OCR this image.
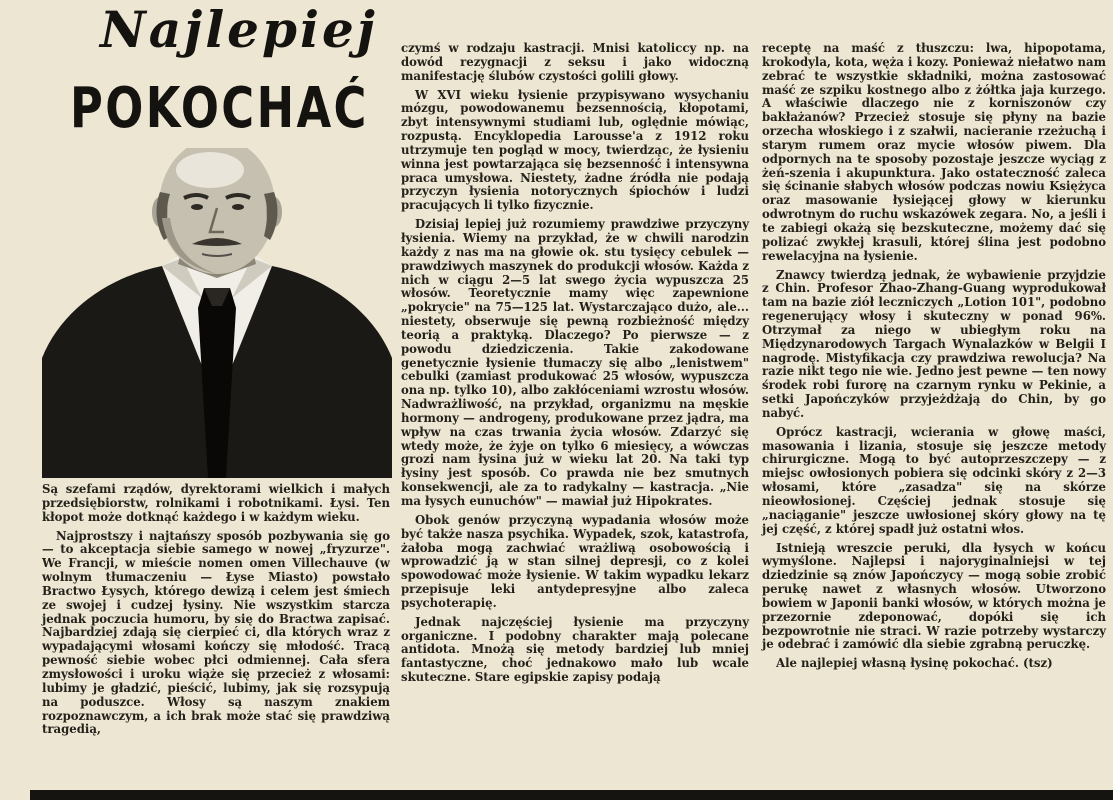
Najlepiej
POKOCHAĆ

Są szefami rządów, dyrektorami wielkich i małych przedsiębiorstw, rolnikami i robotnikami. Łysi. Ten kłopot może dotknąć każdego i w każdym wieku.

Najprostszy i najtańszy sposób pozbywania się go — to akceptacja siebie samego w nowej „fryzurze". We Francji, w mieście nomen omen Villechauve (w wolnym tłumaczeniu — Łyse Miasto) powstało Bractwo Łysych, którego dewizą i celem jest śmiech ze swojej i cudzej łysiny. Nie wszystkim starcza jednak poczucia humoru, by się do Bractwa zapisać. Najbardziej zdają się cierpieć ci, dla których wraz z wypadającymi włosami kończy się młodość. Tracą pewność siebie wobec płci odmiennej. Cała sfera zmysłowości i uroku wiąże się przecież z włosami: lubimy je gładzić, pieścić, lubimy, jak się rozsypują na poduszce. Włosy są naszym znakiem rozpoznawczym, a ich brak może stać się prawdziwą tragedią,

czymś w rodzaju kastracji. Mnisi katoliccy np. na dowód rezygnacji z seksu i jako widoczną manifestację ślubów czystości golili głowy.

W XVI wieku łysienie przypisywano wysychaniu mózgu, powodowanemu bezsennością, kłopotami, zbyt intensywnymi studiami lub, oględnie mówiąc, rozpustą. Encyklopedia Larousse'a z 1912 roku utrzymuje ten pogląd w mocy, twierdząc, że łysieniu winna jest powtarzająca się bezsenność i intensywna praca umysłowa. Niestety, żadne źródła nie podają przyczyn łysienia notorycznych śpiochów i ludzi pracujących li tylko fizycznie.

Dzisiaj lepiej już rozumiemy prawdziwe przyczyny łysienia. Wiemy na przykład, że w chwili narodzin każdy z nas ma na głowie ok. stu tysięcy cebulek — prawdziwych maszynek do produkcji włosów. Każda z nich w ciągu 2—5 lat swego życia wypuszcza 25 włosów. Teoretycznie mamy więc zapewnione „pokrycie" na 75—125 lat. Wystarczająco dużo, ale... niestety, obserwuje się pewną rozbieżność między teorią a praktyką. Dlaczego? Po pierwsze — z powodu dziedziczenia. Takie zakodowane genetycznie łysienie tłumaczy się albo „lenistwem" cebulki (zamiast produkować 25 włosów, wypuszcza ona np. tylko 10), albo zakłóceniami wzrostu włosów. Nadwrażliwość, na przykład, organizmu na męskie hormony — androgeny, produkowane przez jądra, ma wpływ na czas trwania życia włosów. Zdarzyć się wtedy może, że żyje on tylko 6 miesięcy, a wówczas grozi nam łysina już w wieku lat 20. Na taki typ łysiny jest sposób. Co prawda nie bez smutnych konsekwencji, ale za to radykalny — kastracja. „Nie ma łysych eunuchów" — mawiał już Hipokrates.

Obok genów przyczyną wypadania włosów może być także nasza psychika. Wypadek, szok, katastrofa, żałoba mogą zachwiać wrażliwą osobowością i wprowadzić ją w stan silnej depresji, co z kolei spowodować może łysienie. W takim wypadku lekarz przepisuje leki antydepresyjne albo zaleca psychoterapię.

Jednak najczęściej łysienie ma przyczyny organiczne. I podobny charakter mają polecane antidota. Mnożą się metody bardziej lub mniej fantastyczne, choć jednakowo mało lub wcale skuteczne. Stare egipskie zapisy podają

receptę na maść z tłuszczu: lwa, hipopotama, krokodyla, kota, węża i kozy. Ponieważ niełatwo nam zebrać te wszystkie składniki, można zastosować maść ze szpiku kostnego albo z żółtka jaja kurzego. A właściwie dlaczego nie z korniszonów czy bakłażanów? Przecież stosuje się płyny na bazie orzecha włoskiego i z szałwii, nacieranie rzeżuchą i starym rumem oraz mycie włosów piwem. Dla odpornych na te sposoby pozostaje jeszcze wyciąg z żeń-szenia i akupunktura. Jako ostateczność zaleca się ścinanie słabych włosów podczas nowiu Księżyca oraz masowanie łysiejącej głowy w kierunku odwrotnym do ruchu wskazówek zegara. No, a jeśli i te zabiegi okażą się bezskuteczne, możemy dać się polizać zwykłej krasuli, której ślina jest podobno rewelacyjna na łysienie.

Znawcy twierdzą jednak, że wybawienie przyjdzie z Chin. Profesor Zhao-Zhang-Guang wyprodukował tam na bazie ziół leczniczych „Lotion 101", podobno regenerujący włosy i skuteczny w ponad 96%. Otrzymał za niego w ubiegłym roku na Międzynarodowych Targach Wynalazków w Belgii I nagrodę. Mistyfikacja czy prawdziwa rewolucja? Na razie nikt tego nie wie. Jedno jest pewne — ten nowy środek robi furorę na czarnym rynku w Pekinie, a setki Japończyków przyjeżdżają do Chin, by go nabyć.

Oprócz kastracji, wcierania w głowę maści, masowania i lizania, stosuje się jeszcze metody chirurgiczne. Mogą to być autoprzeszczepy — z miejsc owłosionych pobiera się odcinki skóry z 2—3 włosami, które „zasadza" się na skórze nieowłosionej. Częściej jednak stosuje się „naciąganie" jeszcze uwłosionej skóry głowy na tę jej część, z której spadł już ostatni włos.

Istnieją wreszcie peruki, dla łysych w końcu wymyślone. Najlepsi i najoryginalniejsi w tej dziedzinie są znów Japończycy — mogą sobie zrobić perukę nawet z własnych włosów. Utworzono bowiem w Japonii banki włosów, w których można je przezornie zdeponować, dopóki się ich bezpowrotnie nie straci. W razie potrzeby wystarczy je odebrać i zamówić dla siebie zgrabną peruczkę.

Ale najlepiej własną łysinę pokochać. (tsz)
